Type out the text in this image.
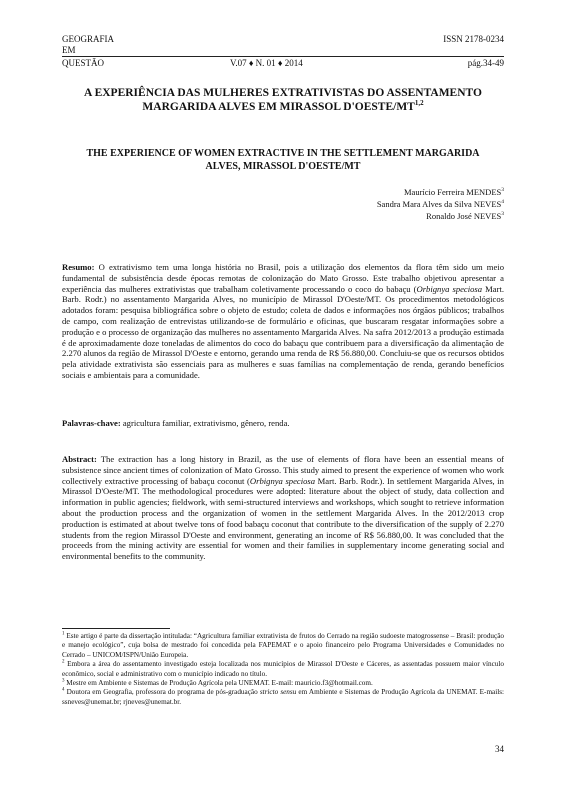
GEOGRAFIA	ISSN 2178-0234
EM
QUESTÃO	V.07 ♦ N. 01 ♦ 2014	pág.34-49
A EXPERIÊNCIA DAS MULHERES EXTRATIVISTAS DO ASSENTAMENTO MARGARIDA ALVES EM MIRASSOL D'OESTE/MT$^{1,2}$
THE EXPERIENCE OF WOMEN EXTRACTIVE IN THE SETTLEMENT MARGARIDA ALVES, MIRASSOL D'OESTE/MT
Maurício Ferreira MENDES$^3$
Sandra Mara Alves da Silva NEVES$^4$
Ronaldo José NEVES$^3$
Resumo: O extrativismo tem uma longa história no Brasil, pois a utilização dos elementos da flora têm sido um meio fundamental de subsistência desde épocas remotas de colonização do Mato Grosso. Este trabalho objetivou apresentar a experiência das mulheres extrativistas que trabalham coletivamente processando o coco do babaçu (Orbignya speciosa Mart. Barb. Rodr.) no assentamento Margarida Alves, no município de Mirassol D'Oeste/MT. Os procedimentos metodológicos adotados foram: pesquisa bibliográfica sobre o objeto de estudo; coleta de dados e informações nos órgãos públicos; trabalhos de campo, com realização de entrevistas utilizando-se de formulário e oficinas, que buscaram resgatar informações sobre a produção e o processo de organização das mulheres no assentamento Margarida Alves. Na safra 2012/2013 a produção estimada é de aproximadamente doze toneladas de alimentos do coco do babaçu que contribuem para a diversificação da alimentação de 2.270 alunos da região de Mirassol D'Oeste e entorno, gerando uma renda de R$ 56.880,00. Concluiu-se que os recursos obtidos pela atividade extrativista são essenciais para as mulheres e suas famílias na complementação de renda, gerando benefícios sociais e ambientais para a comunidade.
Palavras-chave: agricultura familiar, extrativismo, gênero, renda.
Abstract: The extraction has a long history in Brazil, as the use of elements of flora have been an essential means of subsistence since ancient times of colonization of Mato Grosso. This study aimed to present the experience of women who work collectively extractive processing of babaçu coconut (Orbignya speciosa Mart. Barb. Rodr.). In settlement Margarida Alves, in Mirassol D'Oeste/MT. The methodological procedures were adopted: literature about the object of study, data collection and information in public agencies; fieldwork, with semi-structured interviews and workshops, which sought to retrieve information about the production process and the organization of women in the settlement Margarida Alves. In the 2012/2013 crop production is estimated at about twelve tons of food babaçu coconut that contribute to the diversification of the supply of 2.270 students from the region Mirassol D'Oeste and environment, generating an income of R$ 56.880,00. It was concluded that the proceeds from the mining activity are essential for women and their families in supplementary income generating social and environmental benefits to the community.

$^1$ Este artigo é parte da dissertação intitulada: “Agricultura familiar extrativista de frutos do Cerrado na região sudoeste matogrossense – Brasil: produção e manejo ecológico”, cuja bolsa de mestrado foi concedida pela FAPEMAT e o apoio financeiro pelo Programa Universidades e Comunidades no Cerrado – UNICOM/ISPN/União Europeia.

$^2$ Embora a área do assentamento investigado esteja localizada nos municípios de Mirassol D'Oeste e Cáceres, as assentadas possuem maior vínculo econômico, social e administrativo com o município indicado no título.

$^3$ Mestre em Ambiente e Sistemas de Produção Agrícola pela UNEMAT. E-mail: mauricio.f3@hotmail.com.

$^4$ Doutora em Geografia, professora do programa de pós-graduação stricto sensu em Ambiente e Sistemas de Produção Agrícola da UNEMAT. E-mails: ssneves@unemat.br; rjneves@unemat.br.

34
